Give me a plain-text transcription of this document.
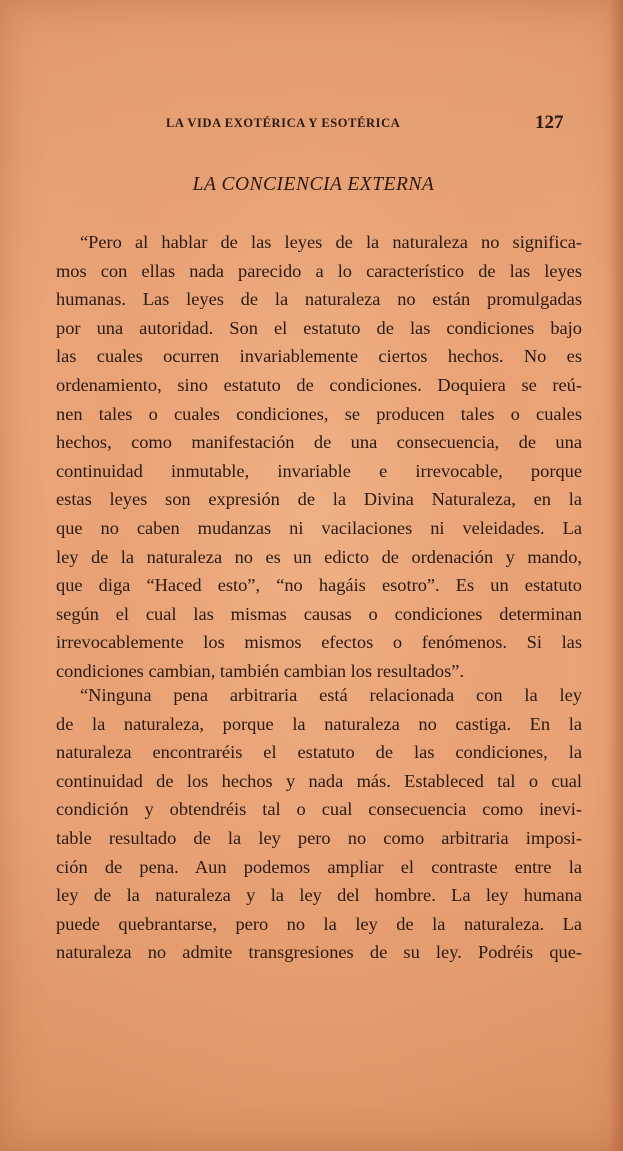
LA VIDA EXOTÉRICA Y ESOTÉRICA	127
LA CONCIENCIA EXTERNA
“Pero al hablar de las leyes de la naturaleza no significa-
mos con ellas nada parecido a lo característico de las leyes
humanas. Las leyes de la naturaleza no están promulgadas
por una autoridad. Son el estatuto de las condiciones bajo
las cuales ocurren invariablemente ciertos hechos. No es
ordenamiento, sino estatuto de condiciones. Doquiera se reú-
nen tales o cuales condiciones, se producen tales o cuales
hechos, como manifestación de una consecuencia, de una
continuidad inmutable, invariable e irrevocable, porque
estas leyes son expresión de la Divina Naturaleza, en la
que no caben mudanzas ni vacilaciones ni veleidades. La
ley de la naturaleza no es un edicto de ordenación y mando,
que diga “Haced esto”, “no hagáis esotro”. Es un estatuto
según el cual las mismas causas o condiciones determinan
irrevocablemente los mismos efectos o fenómenos. Si las
condiciones cambian, también cambian los resultados”.
“Ninguna pena arbitraria está relacionada con la ley
de la naturaleza, porque la naturaleza no castiga. En la
naturaleza encontraréis el estatuto de las condiciones, la
continuidad de los hechos y nada más. Estableced tal o cual
condición y obtendréis tal o cual consecuencia como inevi-
table resultado de la ley pero no como arbitraria imposi-
ción de pena. Aun podemos ampliar el contraste entre la
ley de la naturaleza y la ley del hombre. La ley humana
puede quebrantarse, pero no la ley de la naturaleza. La
naturaleza no admite transgresiones de su ley. Podréis que-
